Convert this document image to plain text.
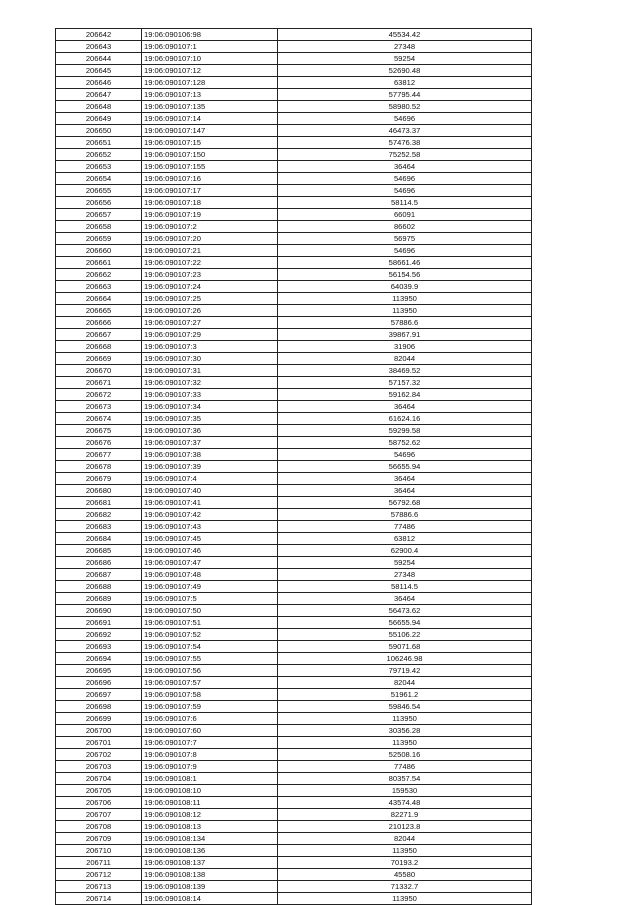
206642	19:06:090106:98	45534.42
206643	19:06:090107:1	27348
206644	19:06:090107:10	59254
206645	19:06:090107:12	52690.48
206646	19:06:090107:128	63812
206647	19:06:090107:13	57795.44
206648	19:06:090107:135	58980.52
206649	19:06:090107:14	54696
206650	19:06:090107:147	46473.37
206651	19:06:090107:15	57476.38
206652	19:06:090107:150	75252.58
206653	19:06:090107:155	36464
206654	19:06:090107:16	54696
206655	19:06:090107:17	54696
206656	19:06:090107:18	58114.5
206657	19:06:090107:19	66091
206658	19:06:090107:2	86602
206659	19:06:090107:20	56975
206660	19:06:090107:21	54696
206661	19:06:090107:22	58661.46
206662	19:06:090107:23	56154.56
206663	19:06:090107:24	64039.9
206664	19:06:090107:25	113950
206665	19:06:090107:26	113950
206666	19:06:090107:27	57886.6
206667	19:06:090107:29	39867.91
206668	19:06:090107:3	31906
206669	19:06:090107:30	82044
206670	19:06:090107:31	38469.52
206671	19:06:090107:32	57157.32
206672	19:06:090107:33	59162.84
206673	19:06:090107:34	36464
206674	19:06:090107:35	61624.16
206675	19:06:090107:36	59299.58
206676	19:06:090107:37	58752.62
206677	19:06:090107:38	54696
206678	19:06:090107:39	56655.94
206679	19:06:090107:4	36464
206680	19:06:090107:40	36464
206681	19:06:090107:41	56792.68
206682	19:06:090107:42	57886.6
206683	19:06:090107:43	77486
206684	19:06:090107:45	63812
206685	19:06:090107:46	62900.4
206686	19:06:090107:47	59254
206687	19:06:090107:48	27348
206688	19:06:090107:49	58114.5
206689	19:06:090107:5	36464
206690	19:06:090107:50	56473.62
206691	19:06:090107:51	56655.94
206692	19:06:090107:52	55106.22
206693	19:06:090107:54	59071.68
206694	19:06:090107:55	106246.98
206695	19:06:090107:56	79719.42
206696	19:06:090107:57	82044
206697	19:06:090107:58	51961.2
206698	19:06:090107:59	59846.54
206699	19:06:090107:6	113950
206700	19:06:090107:60	30356.28
206701	19:06:090107:7	113950
206702	19:06:090107:8	52508.16
206703	19:06:090107:9	77486
206704	19:06:090108:1	80357.54
206705	19:06:090108:10	159530
206706	19:06:090108:11	43574.48
206707	19:06:090108:12	82271.9
206708	19:06:090108:13	210123.8
206709	19:06:090108:134	82044
206710	19:06:090108:136	113950
206711	19:06:090108:137	70193.2
206712	19:06:090108:138	45580
206713	19:06:090108:139	71332.7
206714	19:06:090108:14	113950
